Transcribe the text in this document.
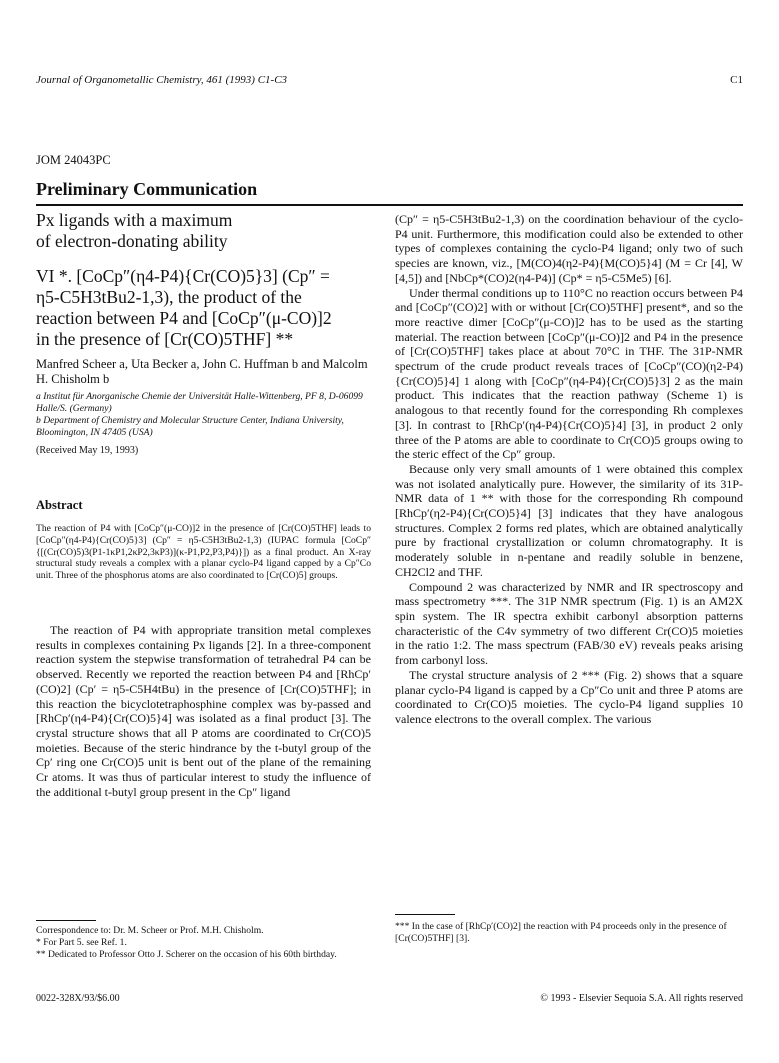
Journal of Organometallic Chemistry, 461 (1993) C1-C3	C1
JOM 24043PC
Preliminary Communication
Px ligands with a maximum
of electron-donating ability
VI *. [CoCp″(η4-P4){Cr(CO)5}3] (Cp″ =
η5-C5H3tBu2-1,3), the product of the
reaction between P4 and [CoCp″(μ-CO)]2
in the presence of [Cr(CO)5THF] **
Manfred Scheer a, Uta Becker a, John C. Huffman b and Malcolm H. Chisholm b
a Institut für Anorganische Chemie der Universität Halle-Wittenberg, PF 8, D-06099 Halle/S. (Germany)
b Department of Chemistry and Molecular Structure Center, Indiana University, Bloomington, IN 47405 (USA)
(Received May 19, 1993)
Abstract
The reaction of P4 with [CoCp″(μ-CO)]2 in the presence of [Cr(CO)5THF] leads to [CoCp″(η4-P4){Cr(CO)5}3] (Cp″ = η5-C5H3tBu2-1,3) (IUPAC formula [CoCp″{[(Cr(CO)5)3(P1-1κP1,2κP2,3κP3)](κ-P1,P2,P3,P4)}]) as a final product. An X-ray structural study reveals a complex with a planar cyclo-P4 ligand capped by a Cp″Co unit. Three of the phosphorus atoms are also coordinated to [Cr(CO)5] groups.
The reaction of P4 with appropriate transition metal complexes results in complexes containing Px ligands [2]. In a three-component reaction system the stepwise transformation of tetrahedral P4 can be observed. Recently we reported the reaction between P4 and [RhCp′(CO)2] (Cp′ = η5-C5H4tBu) in the presence of [Cr(CO)5THF]; in this reaction the bicyclotetraphosphine complex was by-passed and [RhCp′(η4-P4){Cr(CO)5}4] was isolated as a final product [3]. The crystal structure shows that all P atoms are coordinated to Cr(CO)5 moieties. Because of the steric hindrance by the t-butyl group of the Cp′ ring one Cr(CO)5 unit is bent out of the plane of the remaining Cr atoms. It was thus of particular interest to study the influence of the additional t-butyl group present in the Cp″ ligand
Correspondence to: Dr. M. Scheer or Prof. M.H. Chisholm.
* For Part 5. see Ref. 1.
** Dedicated to Professor Otto J. Scherer on the occasion of his 60th birthday.
0022-328X/93/$6.00

(Cp″ = η5-C5H3tBu2-1,3) on the coordination behaviour of the cyclo-P4 unit. Furthermore, this modification could also be extended to other types of complexes containing the cyclo-P4 ligand; only two of such species are known, viz., [M(CO)4(η2-P4){M(CO)5}4] (M = Cr [4], W [4,5]) and [NbCp*(CO)2(η4-P4)] (Cp* = η5-C5Me5) [6].

Under thermal conditions up to 110°C no reaction occurs between P4 and [CoCp″(CO)2] with or without [Cr(CO)5THF] present*, and so the more reactive dimer [CoCp″(μ-CO)]2 has to be used as the starting material. The reaction between [CoCp″(μ-CO)]2 and P4 in the presence of [Cr(CO)5THF] takes place at about 70°C in THF. The 31P-NMR spectrum of the crude product reveals traces of [CoCp″(CO)(η2-P4){Cr(CO)5}4] 1 along with [CoCp″(η4-P4){Cr(CO)5}3] 2 as the main product. This indicates that the reaction pathway (Scheme 1) is analogous to that recently found for the corresponding Rh complexes [3]. In contrast to [RhCp′(η4-P4){Cr(CO)5}4] [3], in product 2 only three of the P atoms are able to coordinate to Cr(CO)5 groups owing to the steric effect of the Cp″ group.

Because only very small amounts of 1 were obtained this complex was not isolated analytically pure. However, the similarity of its 31P-NMR data of 1 ** with those for the corresponding Rh compound [RhCp′(η2-P4){Cr(CO)5}4] [3] indicates that they have analogous structures. Complex 2 forms red plates, which are obtained analytically pure by fractional crystallization or column chromatography. It is moderately soluble in n-pentane and readily soluble in benzene, CH2Cl2 and THF.

Compound 2 was characterized by NMR and IR spectroscopy and mass spectrometry ***. The 31P NMR spectrum (Fig. 1) is an AM2X spin system. The IR spectra exhibit carbonyl absorption patterns characteristic of the C4v symmetry of two different Cr(CO)5 moieties in the ratio 1:2. The mass spectrum (FAB/30 eV) reveals peaks arising from carbonyl loss.

The crystal structure analysis of 2 *** (Fig. 2) shows that a square planar cyclo-P4 ligand is capped by a Cp″Co unit and three P atoms are coordinated to Cr(CO)5 moieties. The cyclo-P4 ligand supplies 10 valence electrons to the overall complex. The various

*** In the case of [RhCp′(CO)2] the reaction with P4 proceeds only in the presence of [Cr(CO)5THF] [3].
© 1993 - Elsevier Sequoia S.A. All rights reserved
